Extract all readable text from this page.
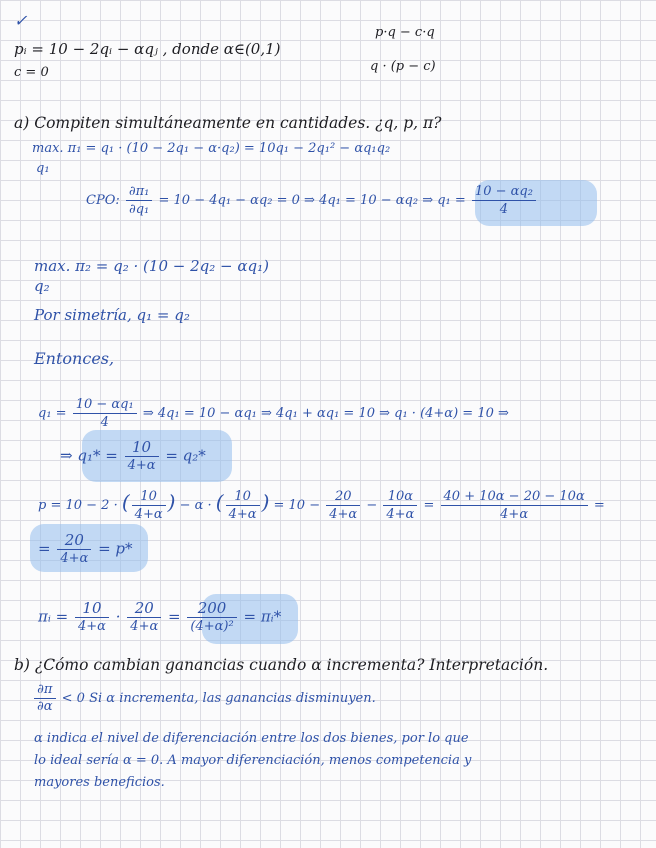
✓
pᵢ = 10 − 2qᵢ − αqⱼ , donde α∈(0,1)
c = 0
p·q − c·q
q · (p − c)
a) Compiten simultáneamente en cantidades. ¿q, p, π?
max. π₁ = q₁ · (10 − 2q₁ − α·q₂) = 10q₁ − 2q₁² − αq₁q₂
q₁
CPO: $\frac{\text{∂π₁}}{\text{∂q₁}} = 10 - 4q_1 - \alpha q_2 = 0$ ⇒ 4q₁ = 10 − αq₂ ⇒ $q_1 = \frac{\text{10 − αq₂}}{4}$
max. π₂ = q₂ · (10 − 2q₂ − αq₁)
q₂
Por simetría, q₁ = q₂
Entonces,
$q_1 = \frac{\text{10 − αq₁}}{4}$ ⇒ 4q₁ = 10 − αq₁ ⇒ 4q₁ + αq₁ = 10 ⇒ q₁ · (4+α) = 10 ⇒
⇒ $q_1* = \frac{10}{4+\alpha} = q_2*$
p = 10 − 2 · ( $\frac{10}{4+\alpha}$ ) − α · ( $\frac{10}{4+\alpha}$ ) = $10 - \frac{20}{4+\alpha} - \frac{10\alpha}{4+\alpha} = \frac{40 + 10\alpha - 20 - 10\alpha}{4+\alpha}$ =
= $\frac{20}{4+\alpha} = p*$
πᵢ = $\frac{10}{4+\alpha} \cdot \frac{20}{4+\alpha} = \frac{200}{\text{(4+α)²}}$ = πᵢ*
b) ¿Cómo cambian ganancias cuando α incrementa? Interpretación.
$\frac{\partial\pi}{\partial\alpha} < 0$ Si α incrementa, las ganancias disminuyen.
α indica el nivel de diferenciación entre los dos bienes, por lo que
lo ideal sería α = 0. A mayor diferenciación, menos competencia y
mayores beneficios.
